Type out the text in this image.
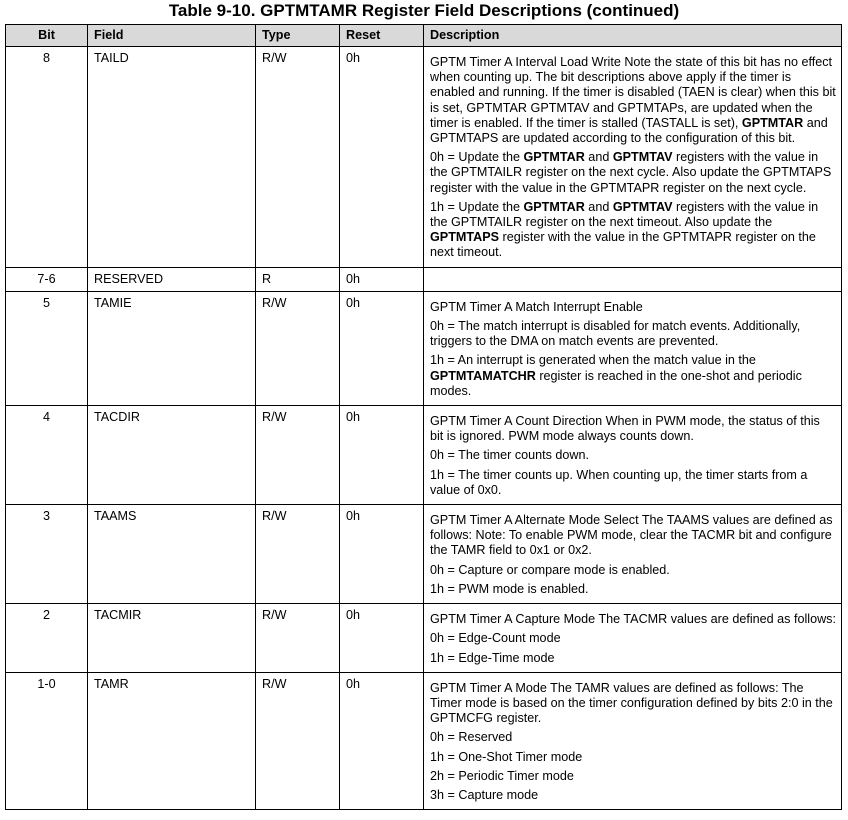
Table 9-10. GPTMTAMR Register Field Descriptions (continued)
Bit	Field	Type	Reset	Description
8	TAILD	R/W	0h	GPTM Timer A Interval Load Write Note the state of this bit has no effect when counting up. The bit descriptions above apply if the timer is enabled and running. If the timer is disabled (TAEN is clear) when this bit is set, GPTMTAR GPTMTAV and GPTMTAPs, are updated when the timer is enabled. If the timer is stalled (TASTALL is set), GPTMTAR and GPTMTAPS are updated according to the configuration of this bit.

0h = Update the GPTMTAR and GPTMTAV registers with the value in the GPTMTAILR register on the next cycle. Also update the GPTMTAPS register with the value in the GPTMTAPR register on the next cycle.

1h = Update the GPTMTAR and GPTMTAV registers with the value in the GPTMTAILR register on the next timeout. Also update the GPTMTAPS register with the value in the GPTMTAPR register on the next timeout.

7-6	RESERVED	R	0h	
5	TAMIE	R/W	0h	GPTM Timer A Match Interrupt Enable

0h = The match interrupt is disabled for match events. Additionally, triggers to the DMA on match events are prevented.

1h = An interrupt is generated when the match value in the GPTMTAMATCHR register is reached in the one-shot and periodic modes.

4	TACDIR	R/W	0h	GPTM Timer A Count Direction When in PWM mode, the status of this bit is ignored. PWM mode always counts down.

0h = The timer counts down.

1h = The timer counts up. When counting up, the timer starts from a value of 0x0.

3	TAAMS	R/W	0h	GPTM Timer A Alternate Mode Select The TAAMS values are defined as follows: Note: To enable PWM mode, clear the TACMR bit and configure the TAMR field to 0x1 or 0x2.

0h = Capture or compare mode is enabled.

1h = PWM mode is enabled.

2	TACMIR	R/W	0h	GPTM Timer A Capture Mode The TACMR values are defined as follows:

0h = Edge-Count mode

1h = Edge-Time mode

1-0	TAMR	R/W	0h	GPTM Timer A Mode The TAMR values are defined as follows: The Timer mode is based on the timer configuration defined by bits 2:0 in the GPTMCFG register.

0h = Reserved

1h = One-Shot Timer mode

2h = Periodic Timer mode

3h = Capture mode
